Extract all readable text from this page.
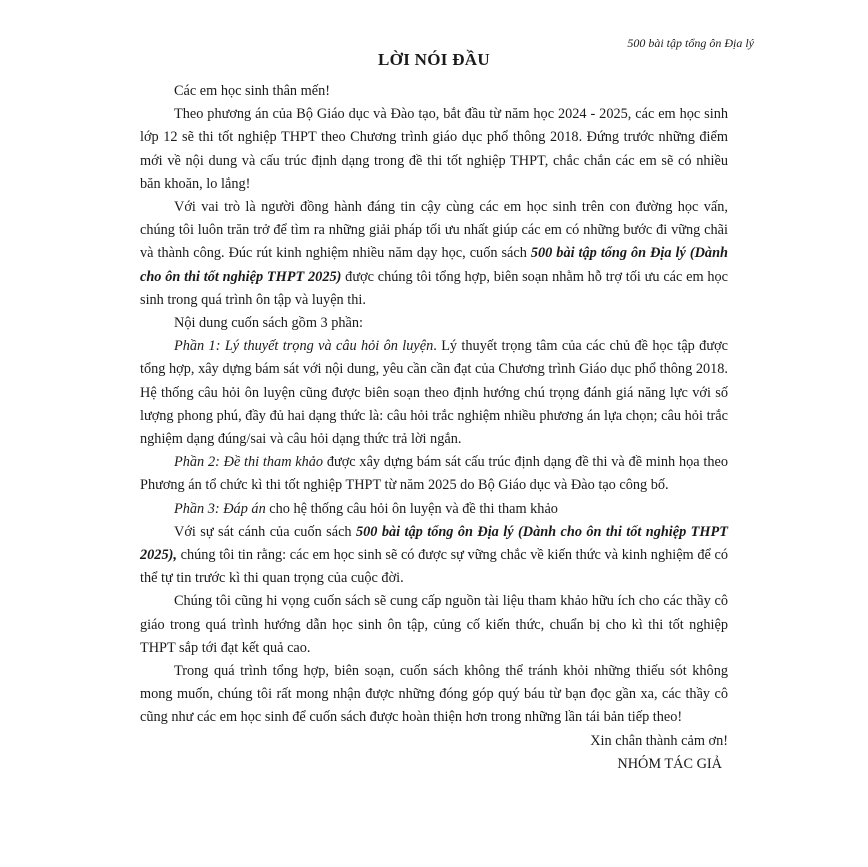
500 bài tập tổng ôn Địa lý
LỜI NÓI ĐẦU

Các em học sinh thân mến!

Theo phương án của Bộ Giáo dục và Đào tạo, bắt đầu từ năm học 2024 - 2025, các em học sinh lớp 12 sẽ thi tốt nghiệp THPT theo Chương trình giáo dục phổ thông 2018. Đứng trước những điểm mới về nội dung và cấu trúc định dạng trong đề thi tốt nghiệp THPT, chắc chắn các em sẽ có nhiều băn khoăn, lo lắng!

Với vai trò là người đồng hành đáng tin cậy cùng các em học sinh trên con đường học vấn, chúng tôi luôn trăn trở để tìm ra những giải pháp tối ưu nhất giúp các em có những bước đi vững chãi và thành công. Đúc rút kinh nghiệm nhiều năm dạy học, cuốn sách 500 bài tập tổng ôn Địa lý (Dành cho ôn thi tốt nghiệp THPT 2025) được chúng tôi tổng hợp, biên soạn nhằm hỗ trợ tối ưu các em học sinh trong quá trình ôn tập và luyện thi.

Nội dung cuốn sách gồm 3 phần:

Phần 1: Lý thuyết trọng và câu hỏi ôn luyện. Lý thuyết trọng tâm của các chủ đề học tập được tổng hợp, xây dựng bám sát với nội dung, yêu cần cần đạt của Chương trình Giáo dục phổ thông 2018. Hệ thống câu hỏi ôn luyện cũng được biên soạn theo định hướng chú trọng đánh giá năng lực với số lượng phong phú, đầy đủ hai dạng thức là: câu hỏi trắc nghiệm nhiều phương án lựa chọn; câu hỏi trắc nghiệm dạng đúng/sai và câu hỏi dạng thức trả lời ngắn.

Phần 2: Đề thi tham khảo được xây dựng bám sát cấu trúc định dạng đề thi và đề minh họa theo Phương án tổ chức kì thi tốt nghiệp THPT từ năm 2025 do Bộ Giáo dục và Đào tạo công bố.

Phần 3: Đáp án cho hệ thống câu hỏi ôn luyện và đề thi tham khảo

Với sự sát cánh của cuốn sách 500 bài tập tổng ôn Địa lý (Dành cho ôn thi tốt nghiệp THPT 2025), chúng tôi tin rằng: các em học sinh sẽ có được sự vững chắc về kiến thức và kinh nghiệm để có thể tự tin trước kì thi quan trọng của cuộc đời.

Chúng tôi cũng hi vọng cuốn sách sẽ cung cấp nguồn tài liệu tham khảo hữu ích cho các thầy cô giáo trong quá trình hướng dẫn học sinh ôn tập, củng cố kiến thức, chuẩn bị cho kì thi tốt nghiệp THPT sắp tới đạt kết quả cao.

Trong quá trình tổng hợp, biên soạn, cuốn sách không thể tránh khỏi những thiếu sót không mong muốn, chúng tôi rất mong nhận được những đóng góp quý báu từ bạn đọc gần xa, các thầy cô cũng như các em học sinh để cuốn sách được hoàn thiện hơn trong những lần tái bản tiếp theo!

Xin chân thành cảm ơn!

NHÓM TÁC GIẢ
